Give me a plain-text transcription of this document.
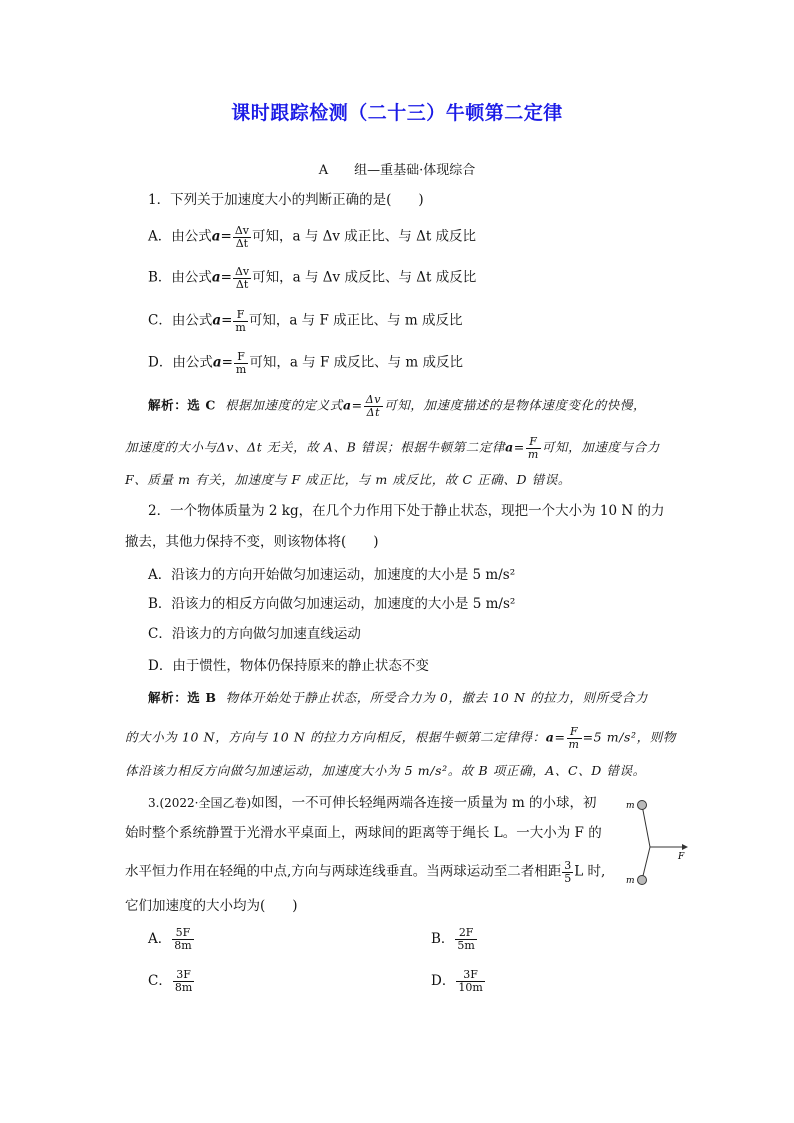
课时跟踪检测（二十三）牛顿第二定律
A 组—重基础·体现综合
1．下列关于加速度大小的判断正确的是(　　)
A．由公式$a= \frac{\Delta v}{\Delta t}$ 可知，a 与 Δv 成正比、与 Δt 成反比
B．由公式$a= \frac{\Delta v}{\Delta t}$ 可知，a 与 Δv 成反比、与 Δt 成反比
C．由公式$a= \frac{F}{m}$ 可知，a 与 F 成正比、与 m 成反比
D．由公式$a= \frac{F}{m}$ 可知，a 与 F 成反比、与 m 成反比
解析：选 C 根据加速度的定义式$a= \frac{\Delta v}{\Delta t}$ 可知，加速度描述的是物体速度变化的快慢，
加速度的大小与Δv、Δt 无关，故 A、B 错误；根据牛顿第二定律$a= \frac{F}{m}$ 可知，加速度与合力
F、质量 m 有关，加速度与 F 成正比，与 m 成反比，故 C 正确、D 错误。
2．一个物体质量为 2 kg，在几个力作用下处于静止状态，现把一个大小为 10 N 的力
撤去，其他力保持不变，则该物体将(　　)
A．沿该力的方向开始做匀加速运动，加速度的大小是 5 m/s²
B．沿该力的相反方向做匀加速运动，加速度的大小是 5 m/s²
C．沿该力的方向做匀加速直线运动
D．由于惯性，物体仍保持原来的静止状态不变
解析：选 B 物体开始处于静止状态，所受合力为 0，撤去 10 N 的拉力，则所受合力
的大小为 10 N，方向与 10 N 的拉力方向相反，根据牛顿第二定律得：$a= \frac{F}{m} =5$ m/s²，则物
体沿该力相反方向做匀加速运动，加速度大小为 5 m/s²。故 B 项正确，A、C、D 错误。
3.(2022·全国乙卷)如图，一不可伸长轻绳两端各连接一质量为 m 的小球，初
始时整个系统静置于光滑水平桌面上，两球间的距离等于绳长 L。一大小为 F 的
水平恒力作用在轻绳的中点,方向与两球连线垂直。当两球运动至二者相距 $\frac{3}{5}$ L 时,
它们加速度的大小均为(　　)
A． $\frac{5F}{8m}$	B． $\frac{2F}{5m}$
C． $\frac{3F}{8m}$	D． $\frac{3F}{10m}$
m
m
F
